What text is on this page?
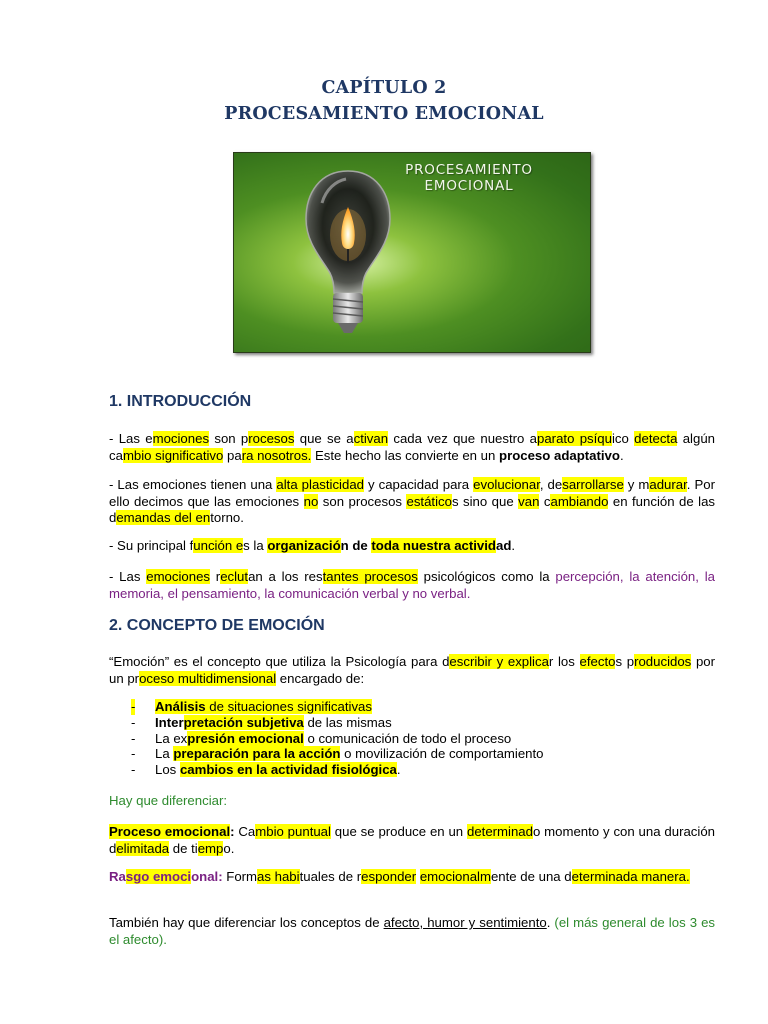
CAPÍTULO 2
PROCESAMIENTO EMOCIONAL
PROCESAMIENTO
EMOCIONAL
1. INTRODUCCIÓN
- Las emociones son procesos que se activan cada vez que nuestro aparato psíquico detecta algún cambio significativo para nosotros. Este hecho las convierte en un proceso adaptativo.
- Las emociones tienen una alta plasticidad y capacidad para evolucionar, desarrollarse y madurar. Por ello decimos que las emociones no son procesos estáticos sino que van cambiando en función de las demandas del entorno.
- Su principal función es la organización de toda nuestra actividad.
- Las emociones reclutan a los restantes procesos psicológicos como la percepción, la atención, la memoria, el pensamiento, la comunicación verbal y no verbal.
2. CONCEPTO DE EMOCIÓN
“Emoción” es el concepto que utiliza la Psicología para describir y explicar los efectos producidos por un proceso multidimensional encargado de:
- Análisis de situaciones significativas
- Interpretación subjetiva de las mismas
- La expresión emocional o comunicación de todo el proceso
- La preparación para la acción o movilización de comportamiento
- Los cambios en la actividad fisiológica.
Hay que diferenciar:
Proceso emocional: Cambio puntual que se produce en un determinado momento y con una duración delimitada de tiempo.
Rasgo emocional: Formas habituales de responder emocionalmente de una determinada manera.
También hay que diferenciar los conceptos de afecto, humor y sentimiento. (el más general de los 3 es el afecto).
